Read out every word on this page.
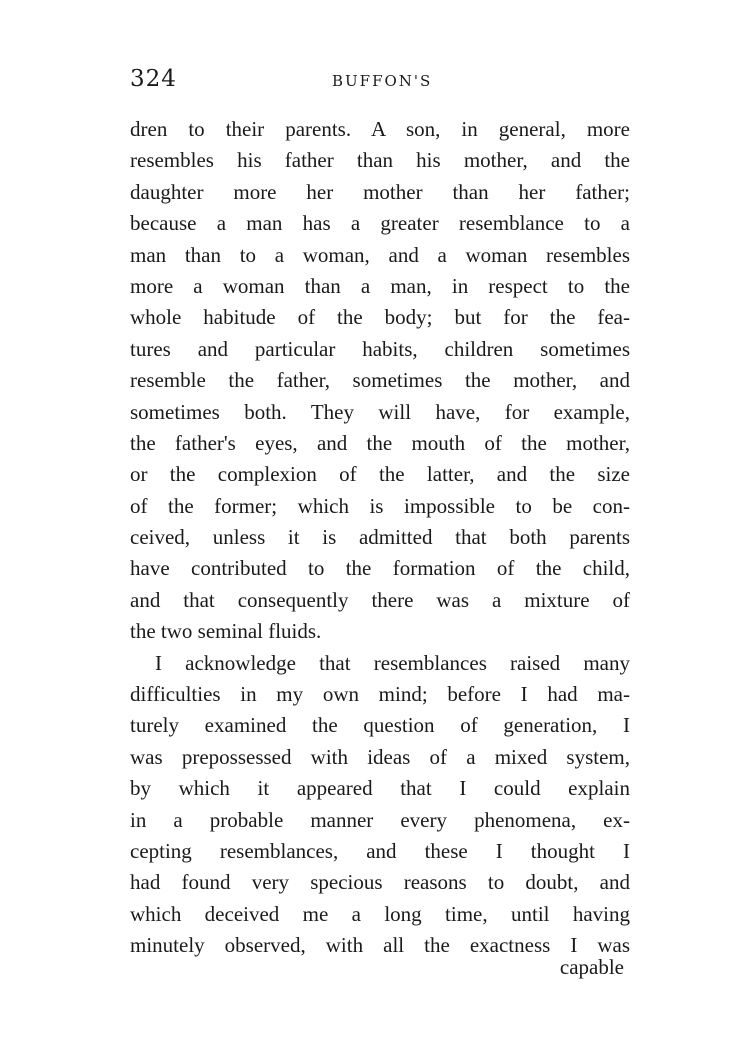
324	BUFFON'S
dren to their parents. A son, in general, more
resembles his father than his mother, and the
daughter more her mother than her father;
because a man has a greater resemblance to a
man than to a woman, and a woman resembles
more a woman than a man, in respect to the
whole habitude of the body; but for the fea-
tures and particular habits, children sometimes
resemble the father, sometimes the mother, and
sometimes both. They will have, for example,
the father's eyes, and the mouth of the mother,
or the complexion of the latter, and the size
of the former; which is impossible to be con-
ceived, unless it is admitted that both parents
have contributed to the formation of the child,
and that consequently there was a mixture of
the two seminal fluids.
I acknowledge that resemblances raised many
difficulties in my own mind; before I had ma-
turely examined the question of generation, I
was prepossessed with ideas of a mixed system,
by which it appeared that I could explain
in a probable manner every phenomena, ex-
cepting resemblances, and these I thought I
had found very specious reasons to doubt, and
which deceived me a long time, until having
minutely observed, with all the exactness I was
capable
